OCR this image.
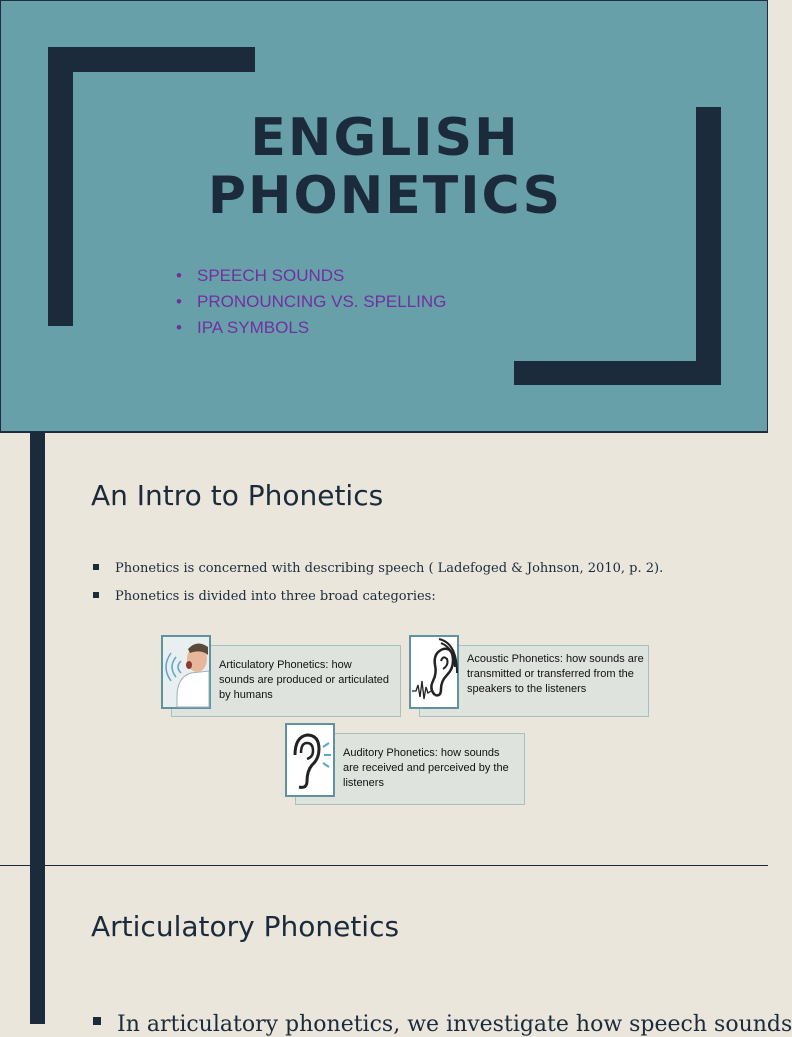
ENGLISH
PHONETICS
• SPEECH SOUNDS
• PRONOUNCING VS. SPELLING
• IPA SYMBOLS
An Intro to Phonetics
Phonetics is concerned with describing speech ( Ladefoged & Johnson, 2010, p. 2).
Phonetics is divided into three broad categories:
Articulatory Phonetics: how sounds are produced or articulated by humans
Acoustic Phonetics: how sounds are transmitted or transferred from the speakers to the listeners
Auditory Phonetics: how sounds are received and perceived by the listeners
Articulatory Phonetics

In articulatory phonetics, we investigate how speech sounds
